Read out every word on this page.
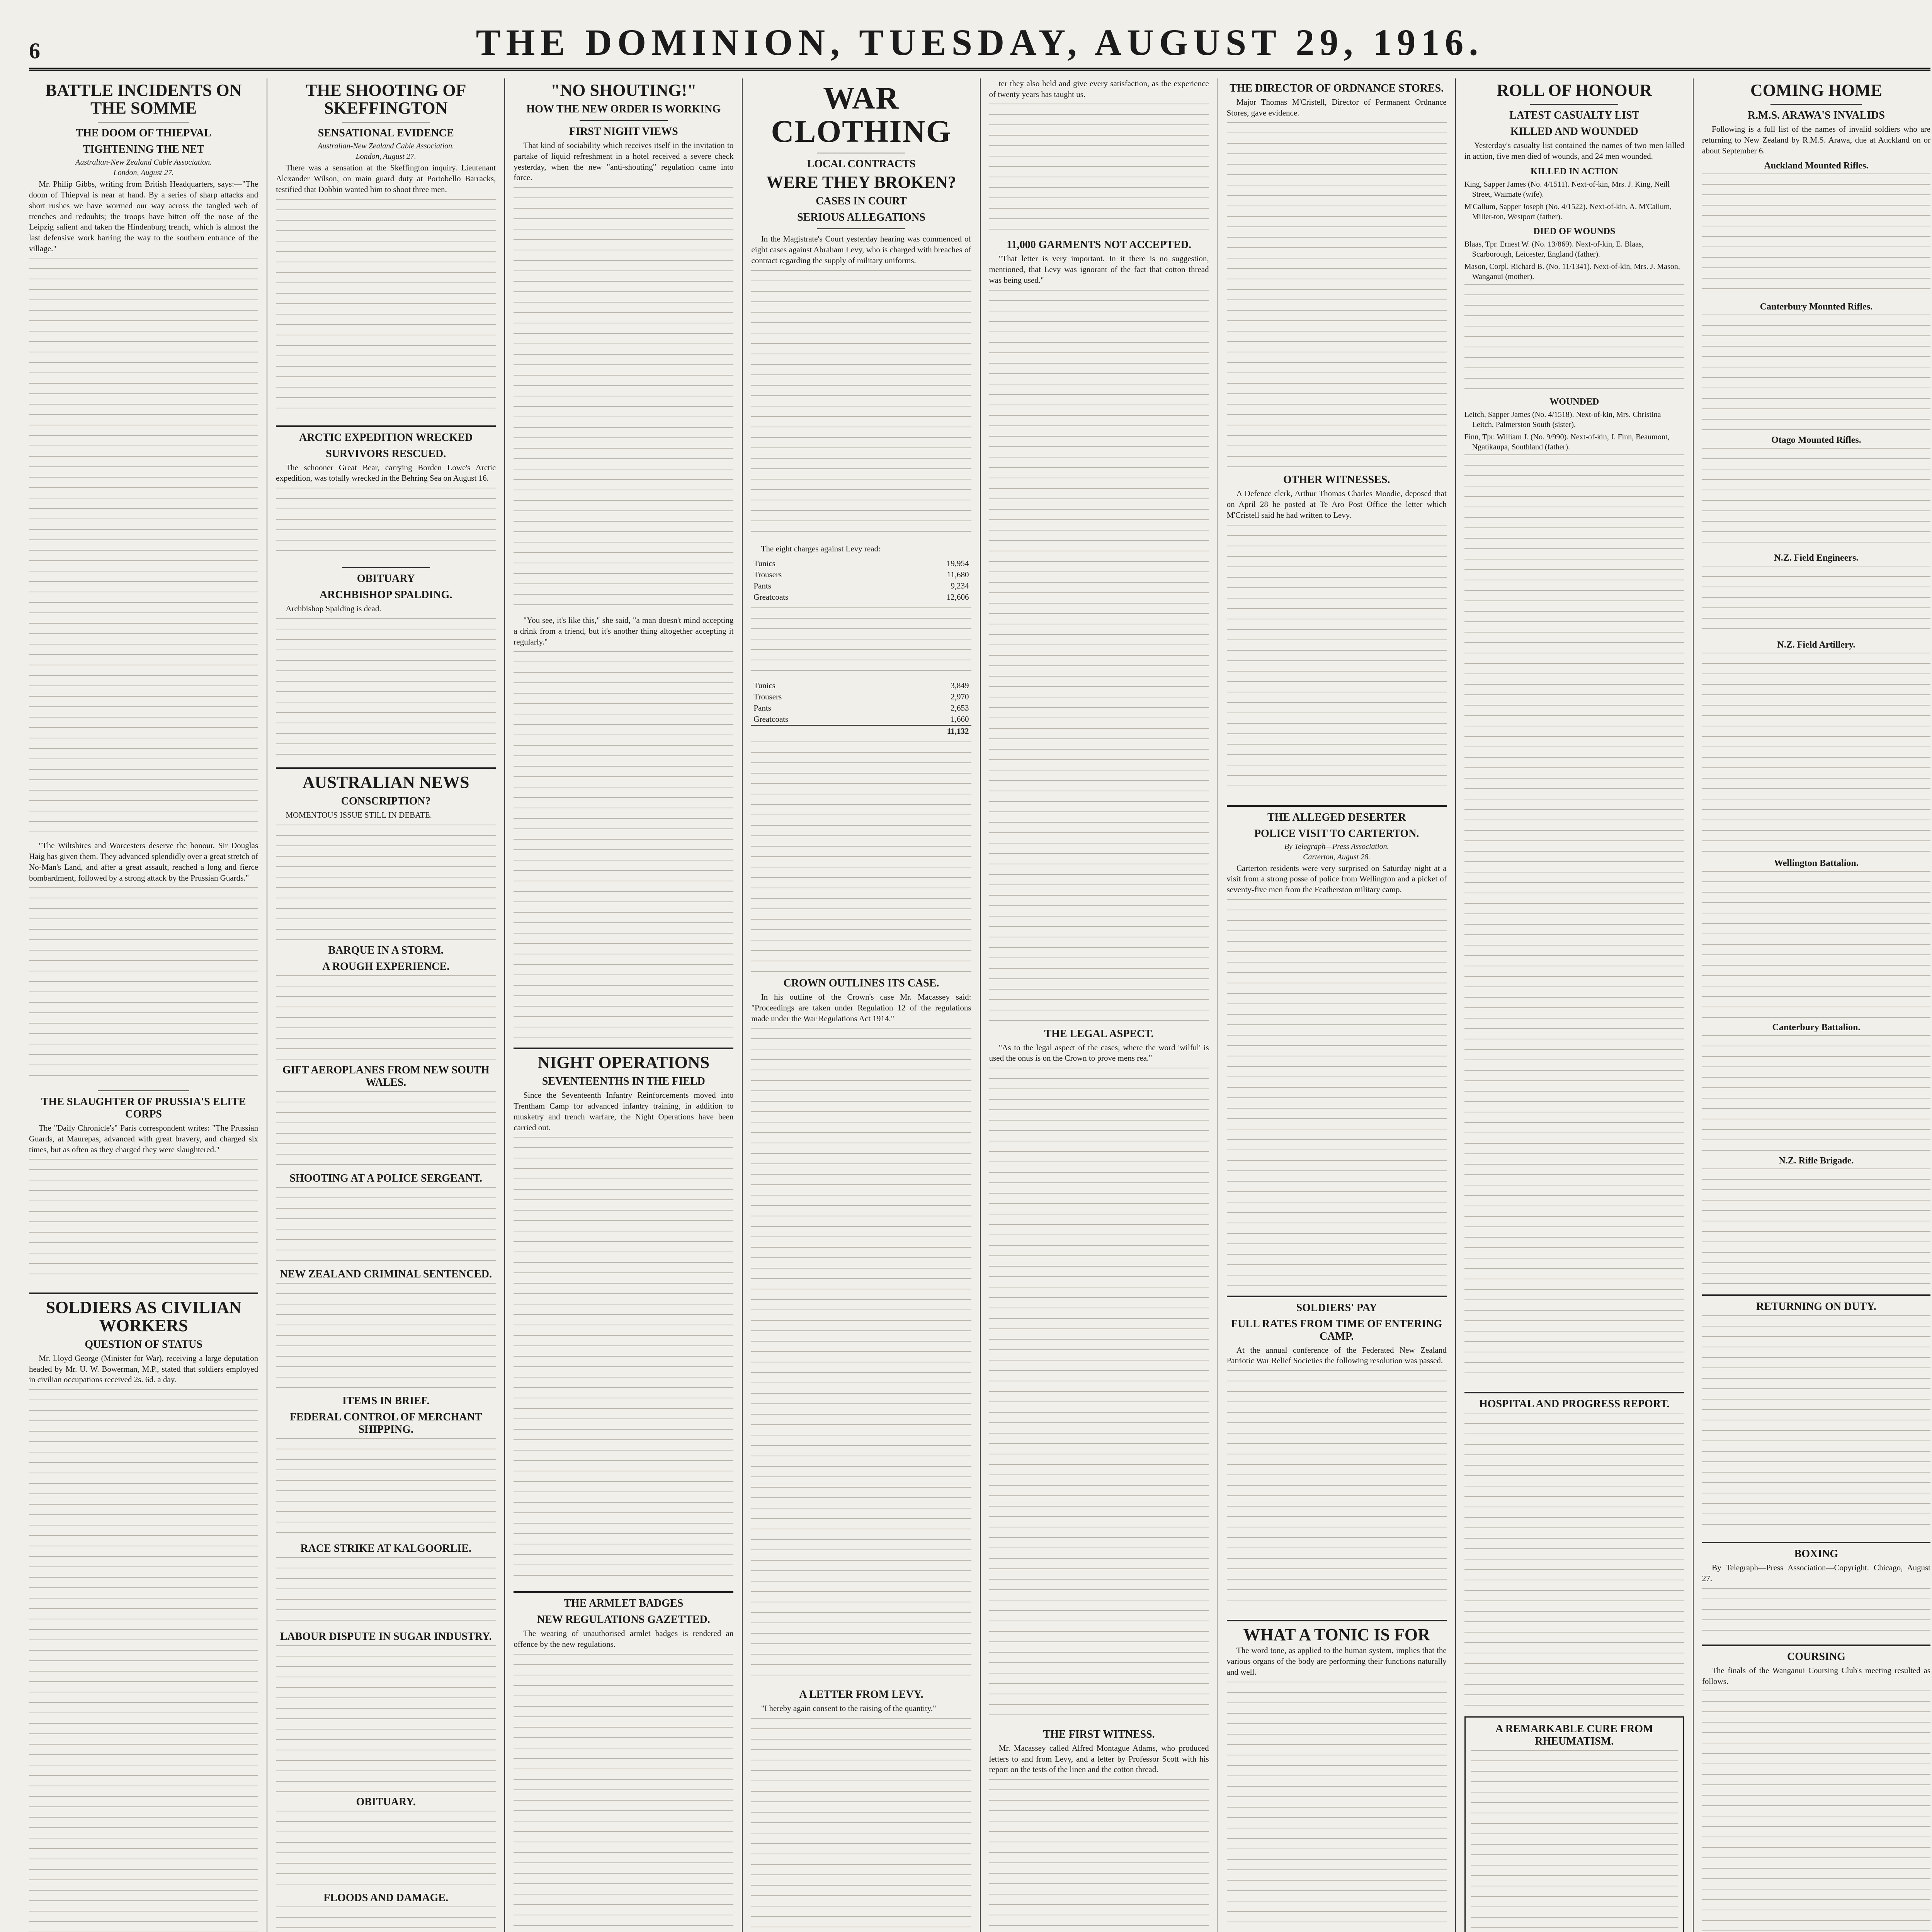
6	THE DOMINION, TUESDAY, AUGUST 29, 1916.
BATTLE INCIDENTS ON THE SOMME
THE DOOM OF THIEPVAL
TIGHTENING THE NET
Australian-New Zealand Cable Association.
London, August 27.

Mr. Philip Gibbs, writing from British Headquarters, says:—"The doom of Thiepval is near at hand. By a series of sharp attacks and short rushes we have wormed our way across the tangled web of trenches and redoubts; the troops have bitten off the nose of the Leipzig salient and taken the Hindenburg trench, which is almost the last defensive work barring the way to the southern entrance of the village."

"The Wiltshires and Worcesters deserve the honour. Sir Douglas Haig has given them. They advanced splendidly over a great stretch of No-Man's Land, and after a great assault, reached a long and fierce bombardment, followed by a strong attack by the Prussian Guards."

THE SLAUGHTER OF PRUSSIA'S ELITE CORPS

The "Daily Chronicle's" Paris correspondent writes: "The Prussian Guards, at Maurepas, advanced with great bravery, and charged six times, but as often as they charged they were slaughtered."

SOLDIERS AS CIVILIAN WORKERS
QUESTION OF STATUS

Mr. Lloyd George (Minister for War), receiving a large deputation headed by Mr. U. W. Bowerman, M.P., stated that soldiers employed in civilian occupations received 2s. 6d. a day.

THE SHOOTING OF SKEFFINGTON
SENSATIONAL EVIDENCE
Australian-New Zealand Cable Association.
London, August 27.

There was a sensation at the Skeffington inquiry. Lieutenant Alexander Wilson, on main guard duty at Portobello Barracks, testified that Dobbin wanted him to shoot three men.

ARCTIC EXPEDITION WRECKED
SURVIVORS RESCUED.

The schooner Great Bear, carrying Borden Lowe's Arctic expedition, was totally wrecked in the Behring Sea on August 16.

OBITUARY
ARCHBISHOP SPALDING.

Archbishop Spalding is dead.

AUSTRALIAN NEWS
CONSCRIPTION?

MOMENTOUS ISSUE STILL IN DEBATE.

BARQUE IN A STORM.
A ROUGH EXPERIENCE.
GIFT AEROPLANES FROM NEW SOUTH WALES.
SHOOTING AT A POLICE SERGEANT.
NEW ZEALAND CRIMINAL SENTENCED.
ITEMS IN BRIEF.
FEDERAL CONTROL OF MERCHANT SHIPPING.
RACE STRIKE AT KALGOORLIE.
LABOUR DISPUTE IN SUGAR INDUSTRY.
OBITUARY.
FLOODS AND DAMAGE.
"NO SHOUTING!"
HOW THE NEW ORDER IS WORKING
FIRST NIGHT VIEWS

That kind of sociability which receives itself in the invitation to partake of liquid refreshment in a hotel received a severe check yesterday, when the new "anti-shouting" regulation came into force.

"You see, it's like this," she said, "a man doesn't mind accepting a drink from a friend, but it's another thing altogether accepting it regularly."

NIGHT OPERATIONS
SEVENTEENTHS IN THE FIELD

Since the Seventeenth Infantry Reinforcements moved into Trentham Camp for advanced infantry training, in addition to musketry and trench warfare, the Night Operations have been carried out.

THE ARMLET BADGES
NEW REGULATIONS GAZETTED.

The wearing of unauthorised armlet badges is rendered an offence by the new regulations.

WAR CLOTHING
LOCAL CONTRACTS
WERE THEY BROKEN?
CASES IN COURT
SERIOUS ALLEGATIONS

In the Magistrate's Court yesterday hearing was commenced of eight cases against Abraham Levy, who is charged with breaches of contract regarding the supply of military uniforms.

The eight charges against Levy read:

Tunics	19,954
Trousers	11,680
Pants	9,234
Greatcoats	12,606
Tunics	3,849
Trousers	2,970
Pants	2,653
Greatcoats	1,660
	11,132
CROWN OUTLINES ITS CASE.

In his outline of the Crown's case Mr. Macassey said: "Proceedings are taken under Regulation 12 of the regulations made under the War Regulations Act 1914."

A LETTER FROM LEVY.

"I hereby again consent to the raising of the quantity."

ter they also held and give every satisfaction, as the experience of twenty years has taught us.

11,000 GARMENTS NOT ACCEPTED.

"That letter is very important. In it there is no suggestion, mentioned, that Levy was ignorant of the fact that cotton thread was being used."

THE LEGAL ASPECT.

"As to the legal aspect of the cases, where the word 'wilful' is used the onus is on the Crown to prove mens rea."

THE FIRST WITNESS.

Mr. Macassey called Alfred Montague Adams, who produced letters to and from Levy, and a letter by Professor Scott with his report on the tests of the linen and the cotton thread.

THE DIRECTOR OF ORDNANCE STORES.

Major Thomas M'Cristell, Director of Permanent Ordnance Stores, gave evidence.

OTHER WITNESSES.

A Defence clerk, Arthur Thomas Charles Moodie, deposed that on April 28 he posted at Te Aro Post Office the letter which M'Cristell said he had written to Levy.

THE ALLEGED DESERTER
POLICE VISIT TO CARTERTON.
By Telegraph—Press Association.
Carterton, August 28.

Carterton residents were very surprised on Saturday night at a visit from a strong posse of police from Wellington and a picket of seventy-five men from the Featherston military camp.

SOLDIERS' PAY
FULL RATES FROM TIME OF ENTERING CAMP.

At the annual conference of the Federated New Zealand Patriotic War Relief Societies the following resolution was passed.

WHAT A TONIC IS FOR

The word tone, as applied to the human system, implies that the various organs of the body are performing their functions naturally and well.

ROLL OF HONOUR
LATEST CASUALTY LIST
KILLED AND WOUNDED

Yesterday's casualty list contained the names of two men killed in action, five men died of wounds, and 24 men wounded.

KILLED IN ACTION
King, Sapper James (No. 4/1511). Next-of-kin, Mrs. J. King, Neill Street, Waimate (wife).
M'Callum, Sapper Joseph (No. 4/1522). Next-of-kin, A. M'Callum, Miller-ton, Westport (father).
DIED OF WOUNDS
Blaas, Tpr. Ernest W. (No. 13/869). Next-of-kin, E. Blaas, Scarborough, Leicester, England (father).
Mason, Corpl. Richard B. (No. 11/1341). Next-of-kin, Mrs. J. Mason, Wanganui (mother).
WOUNDED
Leitch, Sapper James (No. 4/1518). Next-of-kin, Mrs. Christina Leitch, Palmerston South (sister).
Finn, Tpr. William J. (No. 9/990). Next-of-kin, J. Finn, Beaumont, Ngatikaupa, Southland (father).
HOSPITAL AND PROGRESS REPORT.
A REMARKABLE CURE FROM RHEUMATISM.
COMING HOME
R.M.S. ARAWA'S INVALIDS

Following is a full list of the names of invalid soldiers who are returning to New Zealand by R.M.S. Arawa, due at Auckland on or about September 6.

Auckland Mounted Rifles.
Canterbury Mounted Rifles.
Otago Mounted Rifles.
N.Z. Field Engineers.
N.Z. Field Artillery.
Wellington Battalion.
Canterbury Battalion.
N.Z. Rifle Brigade.
RETURNING ON DUTY.
BOXING

By Telegraph—Press Association—Copyright. Chicago, August 27.

COURSING

The finals of the Wanganui Coursing Club's meeting resulted as follows.
